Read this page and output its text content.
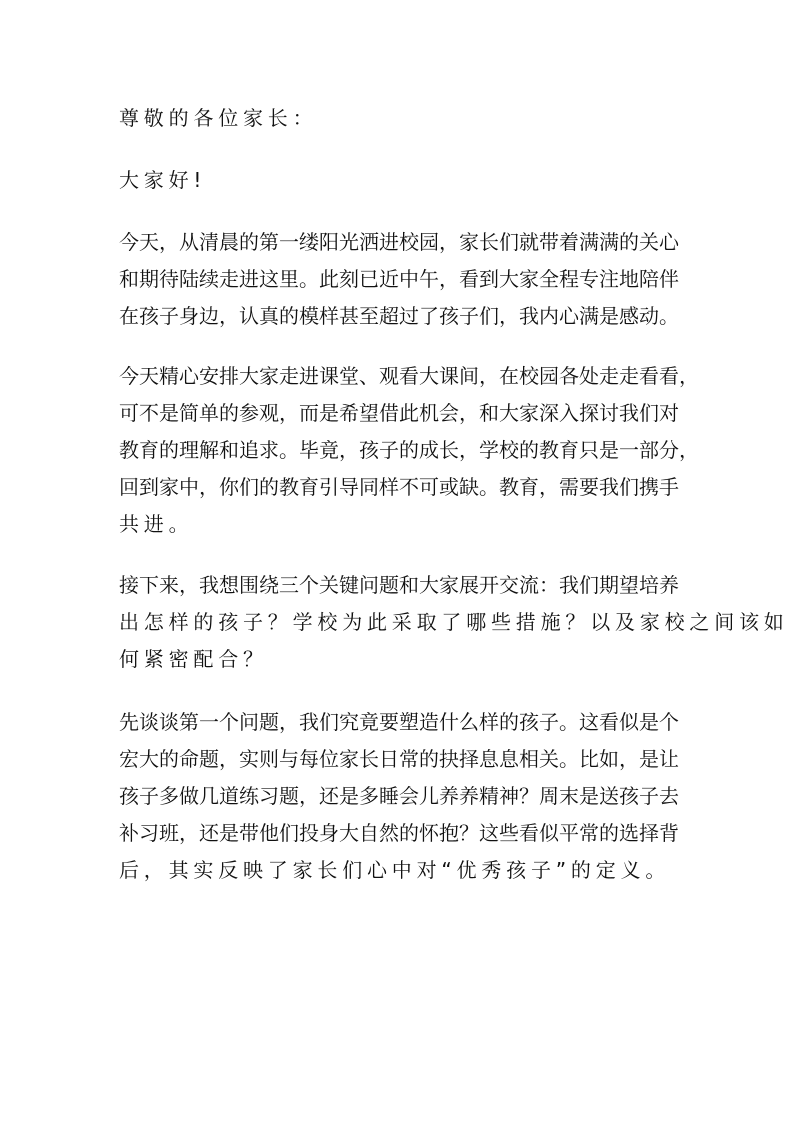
尊敬的各位家长：
大家好!
今天，从清晨的第一缕阳光洒进校园，家长们就带着满满的关心
和期待陆续走进这里。此刻已近中午，看到大家全程专注地陪伴
在孩子身边，认真的模样甚至超过了孩子们，我内心满是感动。
今天精心安排大家走进课堂、观看大课间，在校园各处走走看看，
可不是简单的参观，而是希望借此机会，和大家深入探讨我们对
教育的理解和追求。毕竟，孩子的成长，学校的教育只是一部分，
回到家中，你们的教育引导同样不可或缺。教育，需要我们携手
共进。
接下来，我想围绕三个关键问题和大家展开交流：我们期望培养
出怎样的孩子？学校为此采取了哪些措施？以及家校之间该如
何紧密配合？
先谈谈第一个问题，我们究竟要塑造什么样的孩子。这看似是个
宏大的命题，实则与每位家长日常的抉择息息相关。比如，是让
孩子多做几道练习题，还是多睡会儿养养精神？周末是送孩子去
补习班，还是带他们投身大自然的怀抱？这些看似平常的选择背
后，其实反映了家长们心中对“优秀孩子”的定义。
